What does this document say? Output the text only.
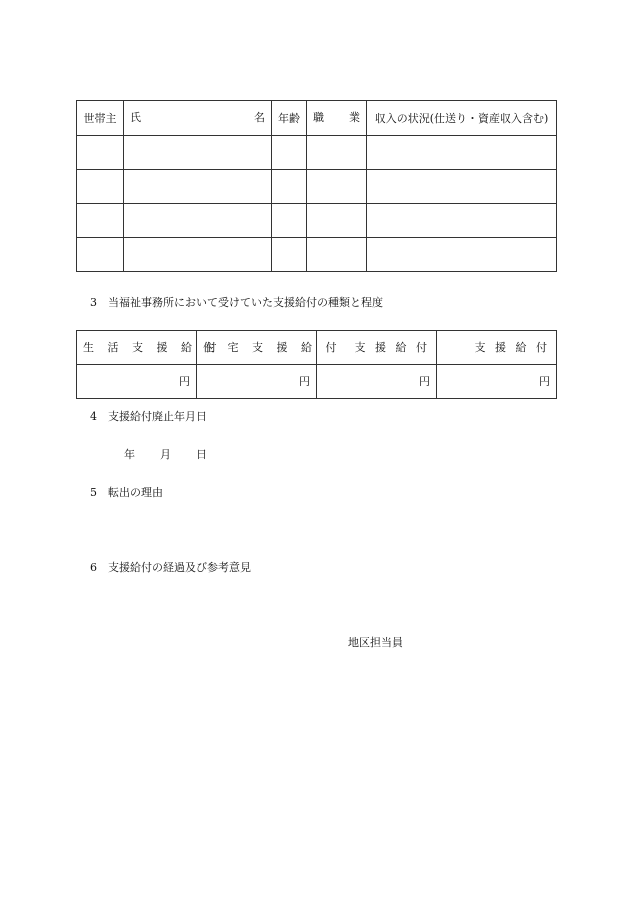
世帯主	氏 名	年齢	職 業	収入の状況(仕送り・資産収入含む)

3　当福祉事務所において受けていた支援給付の種類と程度
生 活 支 援 給 付	住 宅 支 援 給 付	支 援 給 付	支 援 給 付
円	円	円	円
4　支援給付廃止年月日
年 月 日
5　転出の理由
6　支援給付の経過及び参考意見
地区担当員
